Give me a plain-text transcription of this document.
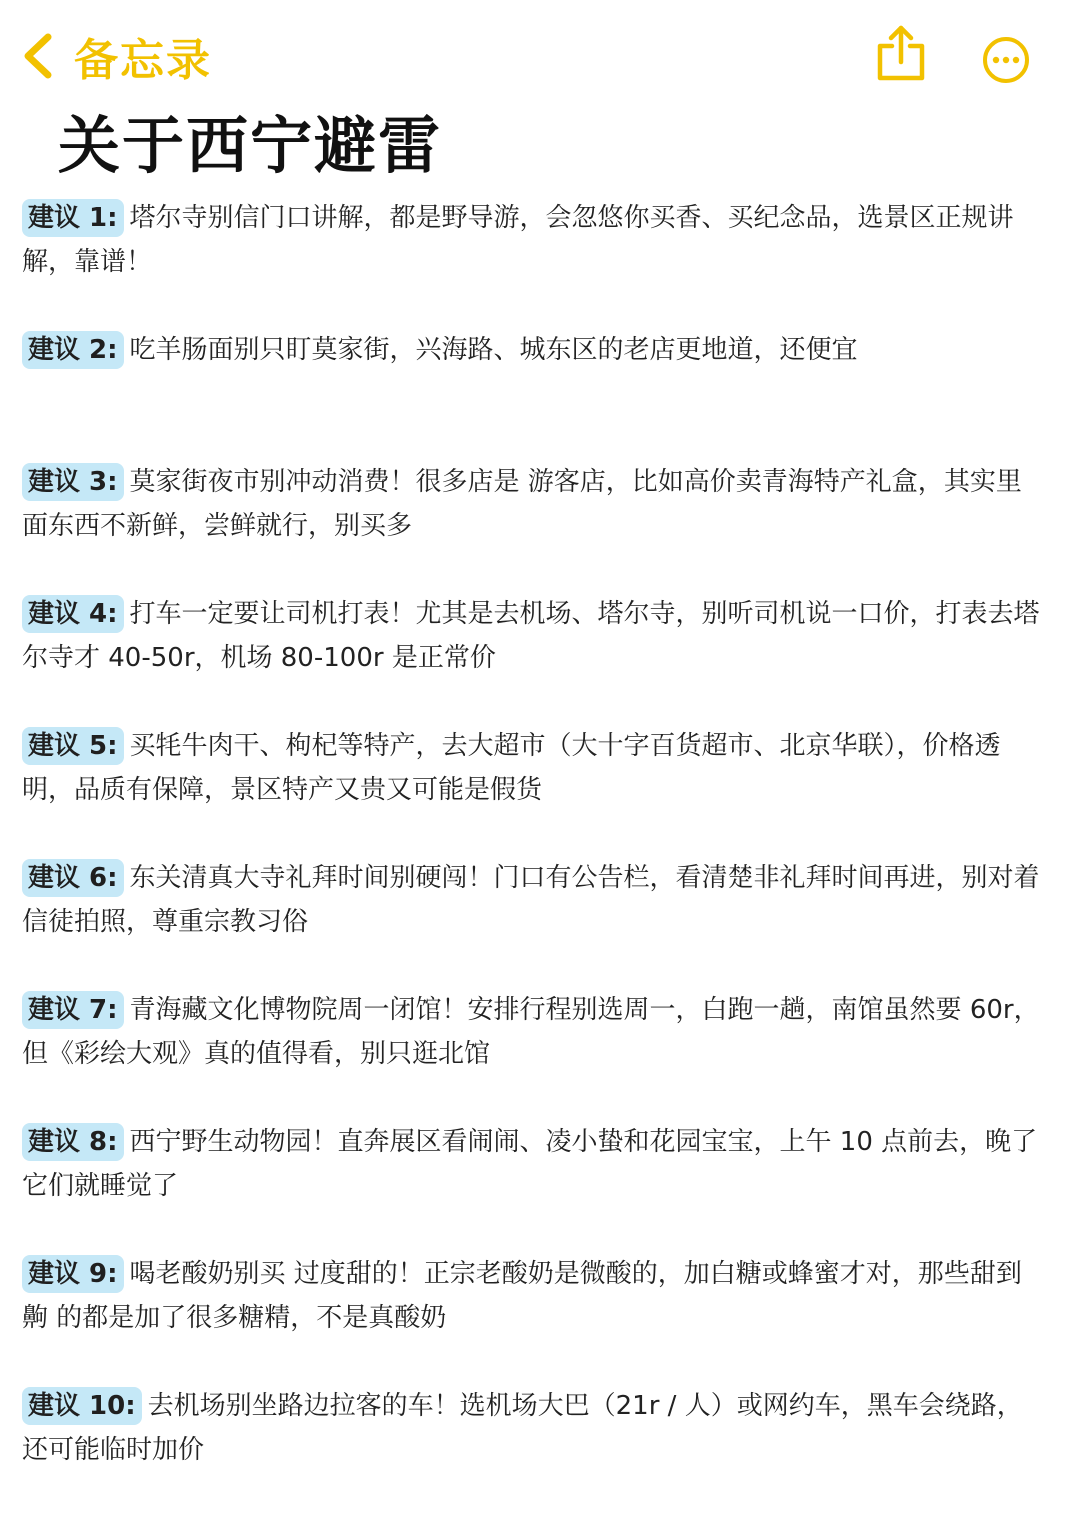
备忘录
关于西宁避雷
建议 1: 塔尔寺别信门口讲解，都是野导游，会忽悠你买香、买纪念品，选景区正规讲解，靠谱！
建议 2: 吃羊肠面别只盯莫家街，兴海路、城东区的老店更地道，还便宜
建议 3: 莫家街夜市别冲动消费！很多店是 游客店，比如高价卖青海特产礼盒，其实里面东西不新鲜，尝鲜就行，别买多
建议 4: 打车一定要让司机打表！尤其是去机场、塔尔寺，别听司机说一口价，打表去塔尔寺才 40-50r，机场 80-100r 是正常价
建议 5: 买牦牛肉干、枸杞等特产，去大超市（大十字百货超市、北京华联），价格透明，品质有保障，景区特产又贵又可能是假货
建议 6: 东关清真大寺礼拜时间别硬闯！门口有公告栏，看清楚非礼拜时间再进，别对着信徒拍照，尊重宗教习俗
建议 7: 青海藏文化博物院周一闭馆！安排行程别选周一，白跑一趟，南馆虽然要 60r，但《彩绘大观》真的值得看，别只逛北馆
建议 8: 西宁野生动物园！直奔展区看闹闹、凌小蛰和花园宝宝，上午 10 点前去，晚了它们就睡觉了
建议 9: 喝老酸奶别买 过度甜的！正宗老酸奶是微酸的，加白糖或蜂蜜才对，那些甜到齁 的都是加了很多糖精，不是真酸奶
建议 10: 去机场别坐路边拉客的车！选机场大巴（21r / 人）或网约车，黑车会绕路，还可能临时加价
